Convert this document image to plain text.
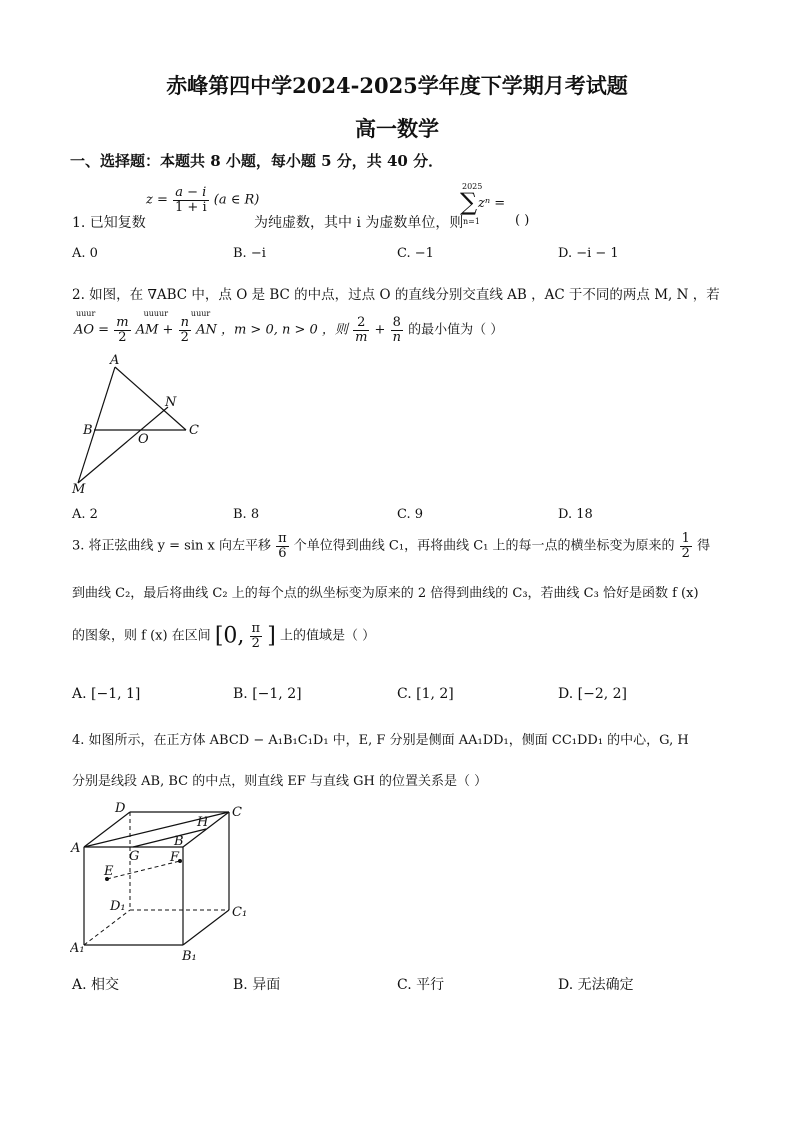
赤峰第四中学2024-2025学年度下学期月考试题
高一数学
一、选择题：本题共 8 小题，每小题 5 分，共 40 分．
1. 已知复数
$z = \frac{a - i}{1 + i} (a$ ∈ R)
为纯虚数，其中 i 为虚数单位，则
2025
∑
n=1
zⁿ =
( )
A. 0	B. −i	C. −1	D. −i − 1
2. 如图，在 ∇ABC 中，点 O 是 BC 的中点，过点 O 的直线分别交直线 AB ，AC 于不同的两点 M, N ，若
uuur                   uuuur         uuur
AO = $\frac{m}{2}$ AM + $\frac{n}{2}$ AN ，m > 0, n > 0 ，则 $\frac{2}{m} + \frac{8}{n}$ 的最小值为（ ）
A
B	C
N
O
M
A. 2	B. 8	C. 9	D. 18
3. 将正弦曲线 y = sin x 向左平移 $\frac{\pi}{6}$ 个单位得到曲线 C₁，再将曲线 C₁ 上的每一点的横坐标变为原来的 $\frac{1}{2}$ 得
到曲线 C₂，最后将曲线 C₂ 上的每个点的纵坐标变为原来的 2 倍得到曲线的 C₃，若曲线 C₃ 恰好是函数 f (x)
的图象，则 f (x) 在区间 [0, $\frac{\pi}{2}$ ] 上的值域是（ ）
A. [−1, 1]	B. [−1, 2]	C. [1, 2]	D. [−2, 2]
4. 如图所示，在正方体 ABCD − A₁B₁C₁D₁ 中，E, F 分别是侧面 AA₁DD₁，侧面 CC₁DD₁ 的中心，G, H
分别是线段 AB, BC 的中点，则直线 EF 与直线 GH 的位置关系是（ ）
D	C
H
B
A
G F
E
D₁	C₁
A₁
B₁
A. 相交	B. 异面	C. 平行	D. 无法确定
